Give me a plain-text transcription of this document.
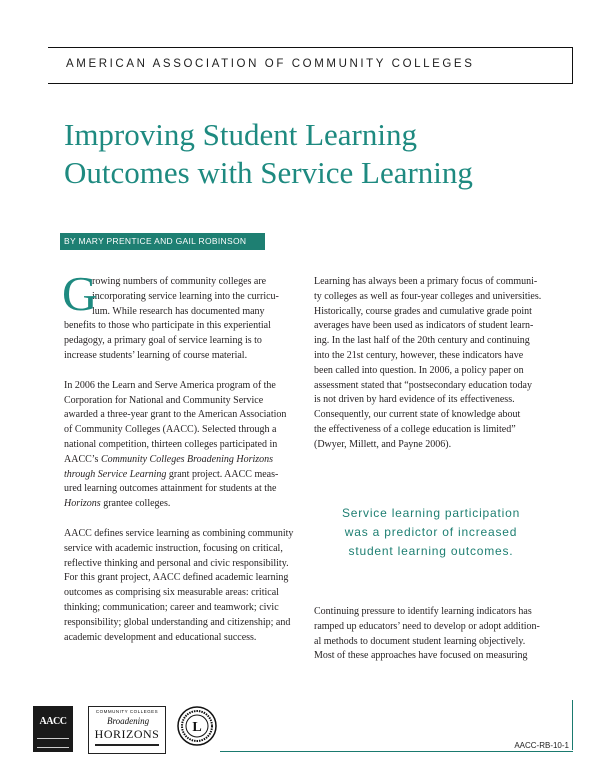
AMERICAN ASSOCIATION OF COMMUNITY COLLEGES
Improving Student Learning
Outcomes with Service Learning
BY MARY PRENTICE AND GAIL ROBINSON
G
rowing numbers of community colleges are
incorporating service learning into the curricu-
lum. While research has documented many
benefits to those who participate in this experiential
pedagogy, a primary goal of service learning is to
increase students’ learning of course material.
In 2006 the Learn and Serve America program of the
Corporation for National and Community Service
awarded a three-year grant to the American Association
of Community Colleges (AACC). Selected through a
national competition, thirteen colleges participated in
AACC’s Community Colleges Broadening Horizons
through Service Learning grant project. AACC meas-
ured learning outcomes attainment for students at the
Horizons grantee colleges.
AACC defines service learning as combining community
service with academic instruction, focusing on critical,
reflective thinking and personal and civic responsibility.
For this grant project, AACC defined academic learning
outcomes as comprising six measurable areas: critical
thinking; communication; career and teamwork; civic
responsibility; global understanding and citizenship; and
academic development and educational success.
Learning has always been a primary focus of communi-
ty colleges as well as four-year colleges and universities.
Historically, course grades and cumulative grade point
averages have been used as indicators of student learn-
ing. In the last half of the 20th century and continuing
into the 21st century, however, these indicators have
been called into question. In 2006, a policy paper on
assessment stated that “postsecondary education today
is not driven by hard evidence of its effectiveness.
Consequently, our current state of knowledge about
the effectiveness of a college education is limited”
(Dwyer, Millett, and Payne 2006).
Service learning participation
was a predictor of increased
student learning outcomes.
Continuing pressure to identify learning indicators has
ramped up educators’ need to develop or adopt addition-
al methods to document student learning objectively.
Most of these approaches have focused on measuring
AACC
COMMUNITY COLLEGES
Broadening
HORIZONS L
AACC-RB-10-1
